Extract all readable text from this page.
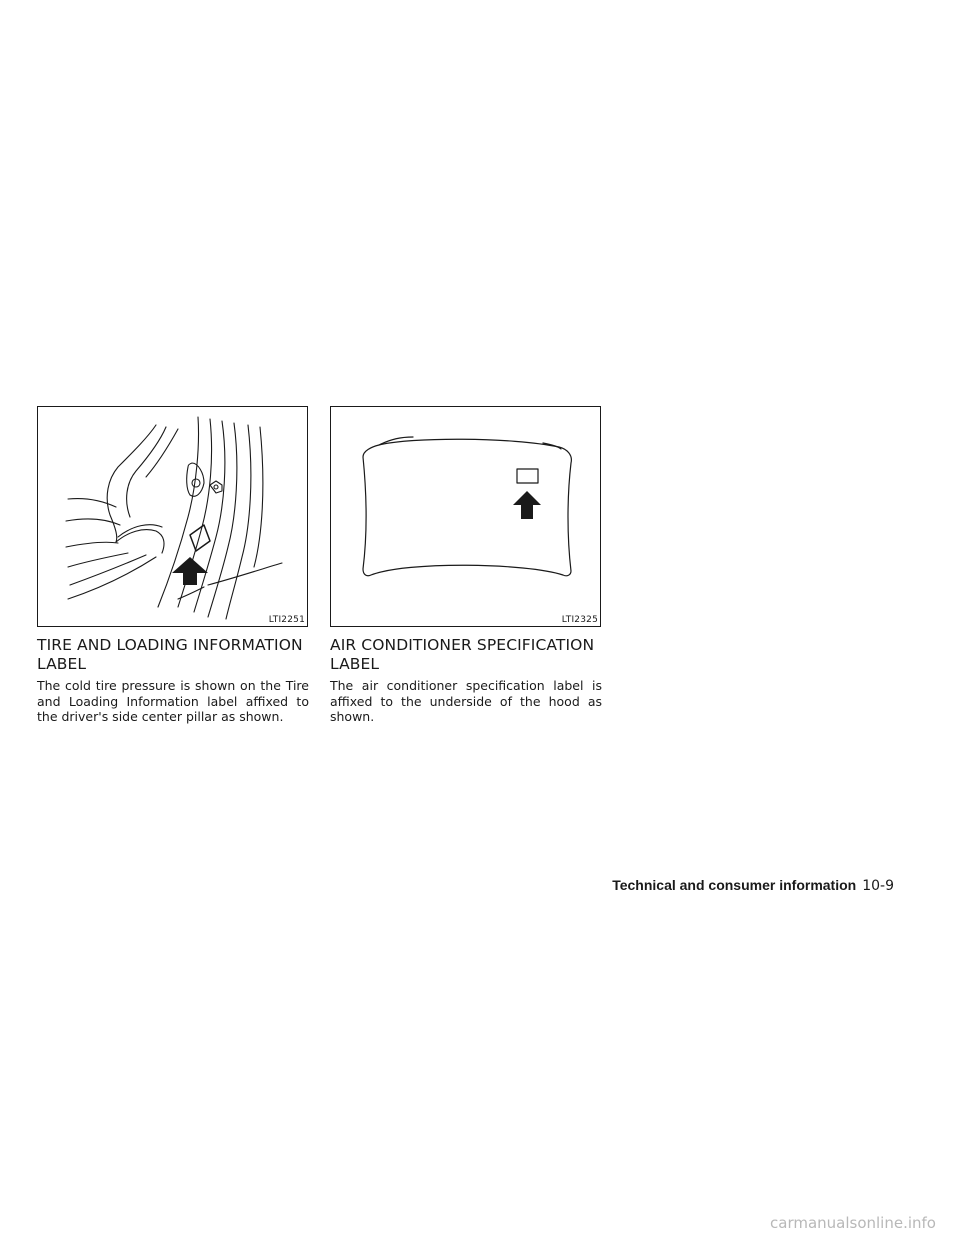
LTI2251	LTI2325
TIRE AND LOADING INFORMATION LABEL

The cold tire pressure is shown on the Tire and Loading Information label affixed to the driver's side center pillar as shown.

AIR CONDITIONER SPECIFICATION LABEL

The air conditioner specification label is affixed to the underside of the hood as shown.

Technical and consumer information 10-9
carmanualsonline.info
